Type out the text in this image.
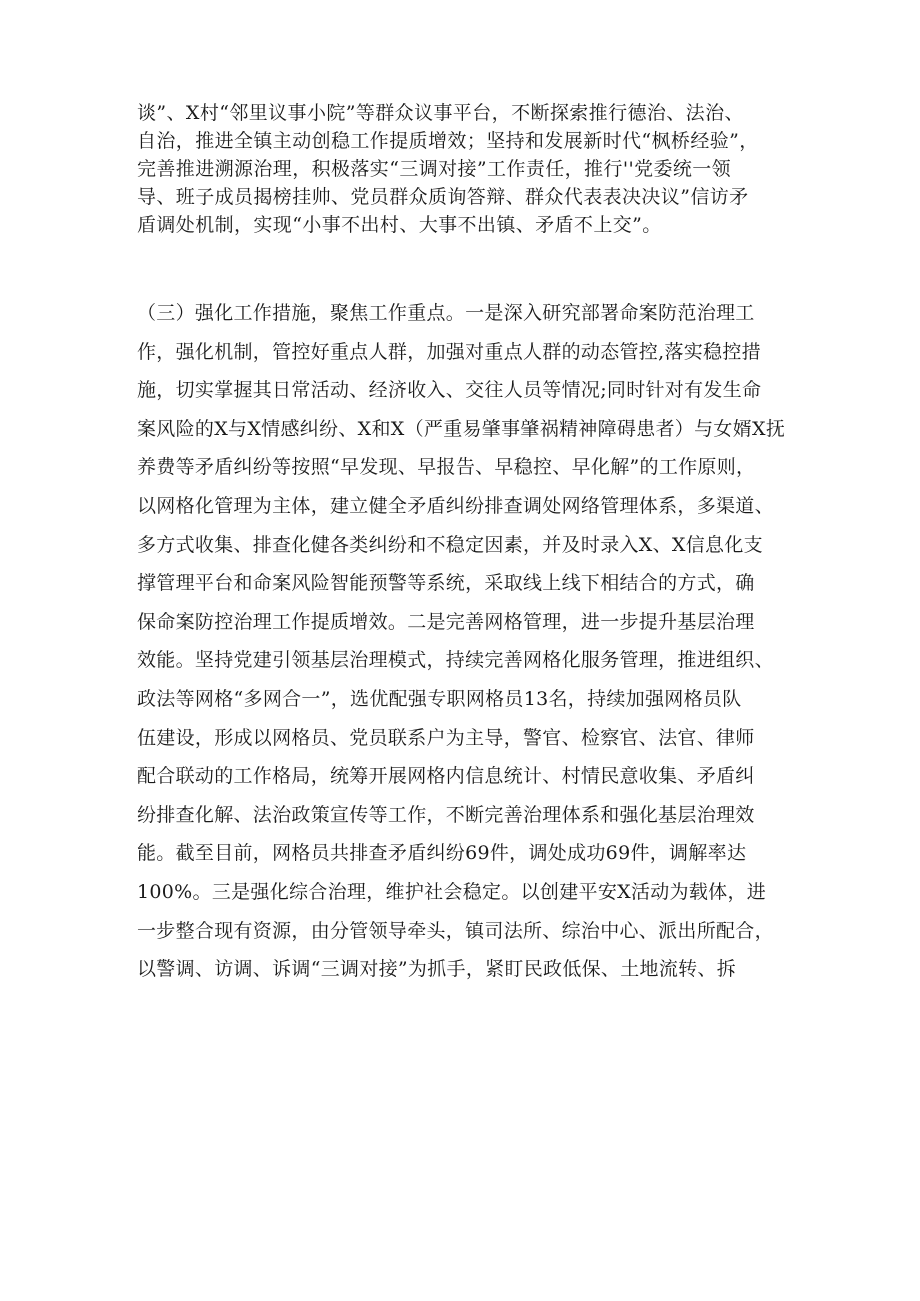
谈”、X村“邻里议事小院”等群众议事平台，不断探索推行德治、法治、
自治，推进全镇主动创稳工作提质增效；坚持和发展新时代“枫桥经验”，
完善推进溯源治理，积极落实“三调对接”工作责任，推行''党委统一领
导、班子成员揭榜挂帅、党员群众质询答辩、群众代表表决决议”信访矛
盾调处机制，实现“小事不出村、大事不出镇、矛盾不上交”。
（三）强化工作措施，聚焦工作重点。一是深入研究部署命案防范治理工
作，强化机制，管控好重点人群，加强对重点人群的动态管控,落实稳控措
施，切实掌握其日常活动、经济收入、交往人员等情况;同时针对有发生命
案风险的X与X情感纠纷、X和X（严重易肇事肇祸精神障碍患者）与女婿X抚
养费等矛盾纠纷等按照“早发现、早报告、早稳控、早化解”的工作原则，
以网格化管理为主体，建立健全矛盾纠纷排查调处网络管理体系，多渠道、
多方式收集、排查化健各类纠纷和不稳定因素，并及时录入X、X信息化支
撑管理平台和命案风险智能预警等系统，采取线上线下相结合的方式，确
保命案防控治理工作提质增效。二是完善网格管理，进一步提升基层治理
效能。坚持党建引领基层治理模式，持续完善网格化服务管理，推进组织、
政法等网格“多网合一”，选优配强专职网格员13名，持续加强网格员队
伍建设，形成以网格员、党员联系户为主导，警官、检察官、法官、律师
配合联动的工作格局，统筹开展网格内信息统计、村情民意收集、矛盾纠
纷排查化解、法治政策宣传等工作，不断完善治理体系和强化基层治理效
能。截至目前，网格员共排查矛盾纠纷69件，调处成功69件，调解率达
100%。三是强化综合治理，维护社会稳定。以创建平安X活动为载体，进
一步整合现有资源，由分管领导牵头，镇司法所、综治中心、派出所配合，
以警调、访调、诉调“三调对接”为抓手，紧盯民政低保、土地流转、拆
